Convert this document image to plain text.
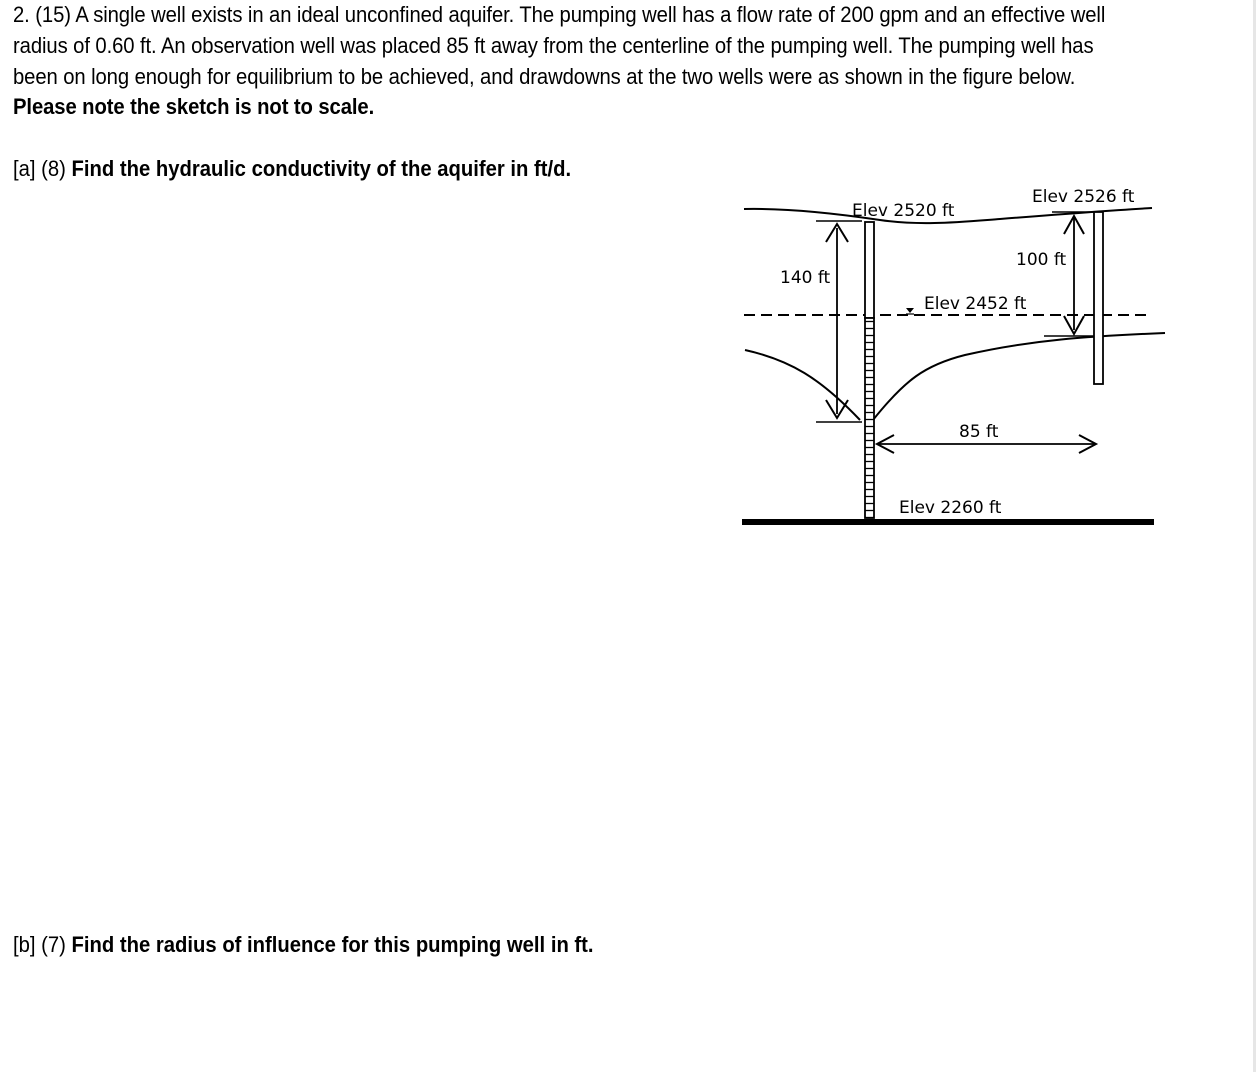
2. (15) A single well exists in an ideal unconfined aquifer. The pumping well has a flow rate of 200 gpm and an effective well radius of 0.60 ft. An observation well was placed 85 ft away from the centerline of the pumping well. The pumping well has been on long enough for equilibrium to be achieved, and drawdowns at the two wells were as shown in the figure below.  Please note the sketch is not to scale.
[a] (8) Find the hydraulic conductivity of the aquifer in ft/d.
[b] (7) Find the radius of influence for this pumping well in ft.
Elev 2520 ft
Elev 2526 ft
140 ft
100 ft
Elev 2452 ft
85 ft
Elev 2260 ft
